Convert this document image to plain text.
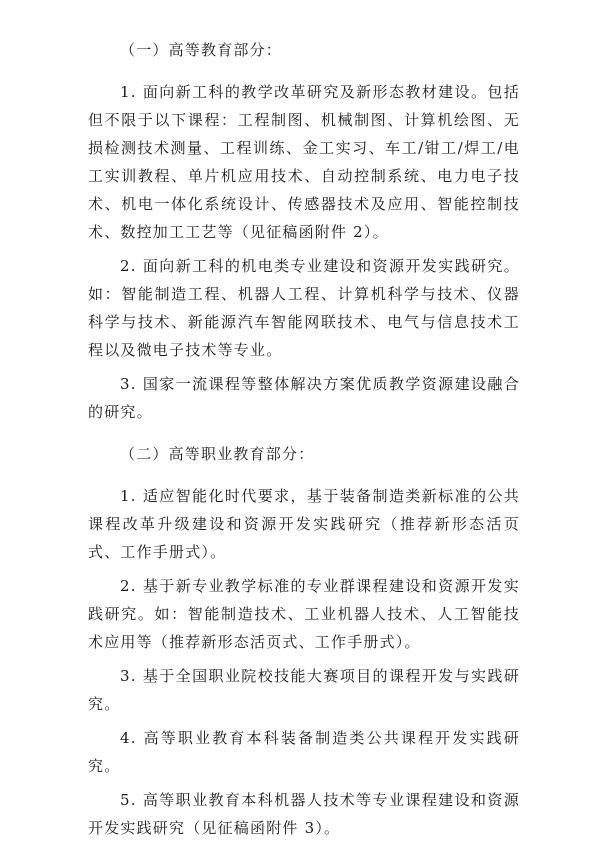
（一）高等教育部分：

1. 面向新工科的教学改革研究及新形态教材建设。包括但不限于以下课程：工程制图、机械制图、计算机绘图、无损检测技术测量、工程训练、金工实习、车工/钳工/焊工/电工实训教程、单片机应用技术、自动控制系统、电力电子技术、机电一体化系统设计、传感器技术及应用、智能控制技术、数控加工工艺等（见征稿函附件 2）。

2. 面向新工科的机电类专业建设和资源开发实践研究。如：智能制造工程、机器人工程、计算机科学与技术、仪器科学与技术、新能源汽车智能网联技术、电气与信息技术工程以及微电子技术等专业。

3. 国家一流课程等整体解决方案优质教学资源建设融合的研究。

（二）高等职业教育部分：

1. 适应智能化时代要求，基于装备制造类新标准的公共课程改革升级建设和资源开发实践研究（推荐新形态活页式、工作手册式）。

2. 基于新专业教学标准的专业群课程建设和资源开发实践研究。如：智能制造技术、工业机器人技术、人工智能技术应用等（推荐新形态活页式、工作手册式）。

3. 基于全国职业院校技能大赛项目的课程开发与实践研究。

4. 高等职业教育本科装备制造类公共课程开发实践研究。

5. 高等职业教育本科机器人技术等专业课程建设和资源开发实践研究（见征稿函附件 3）。
